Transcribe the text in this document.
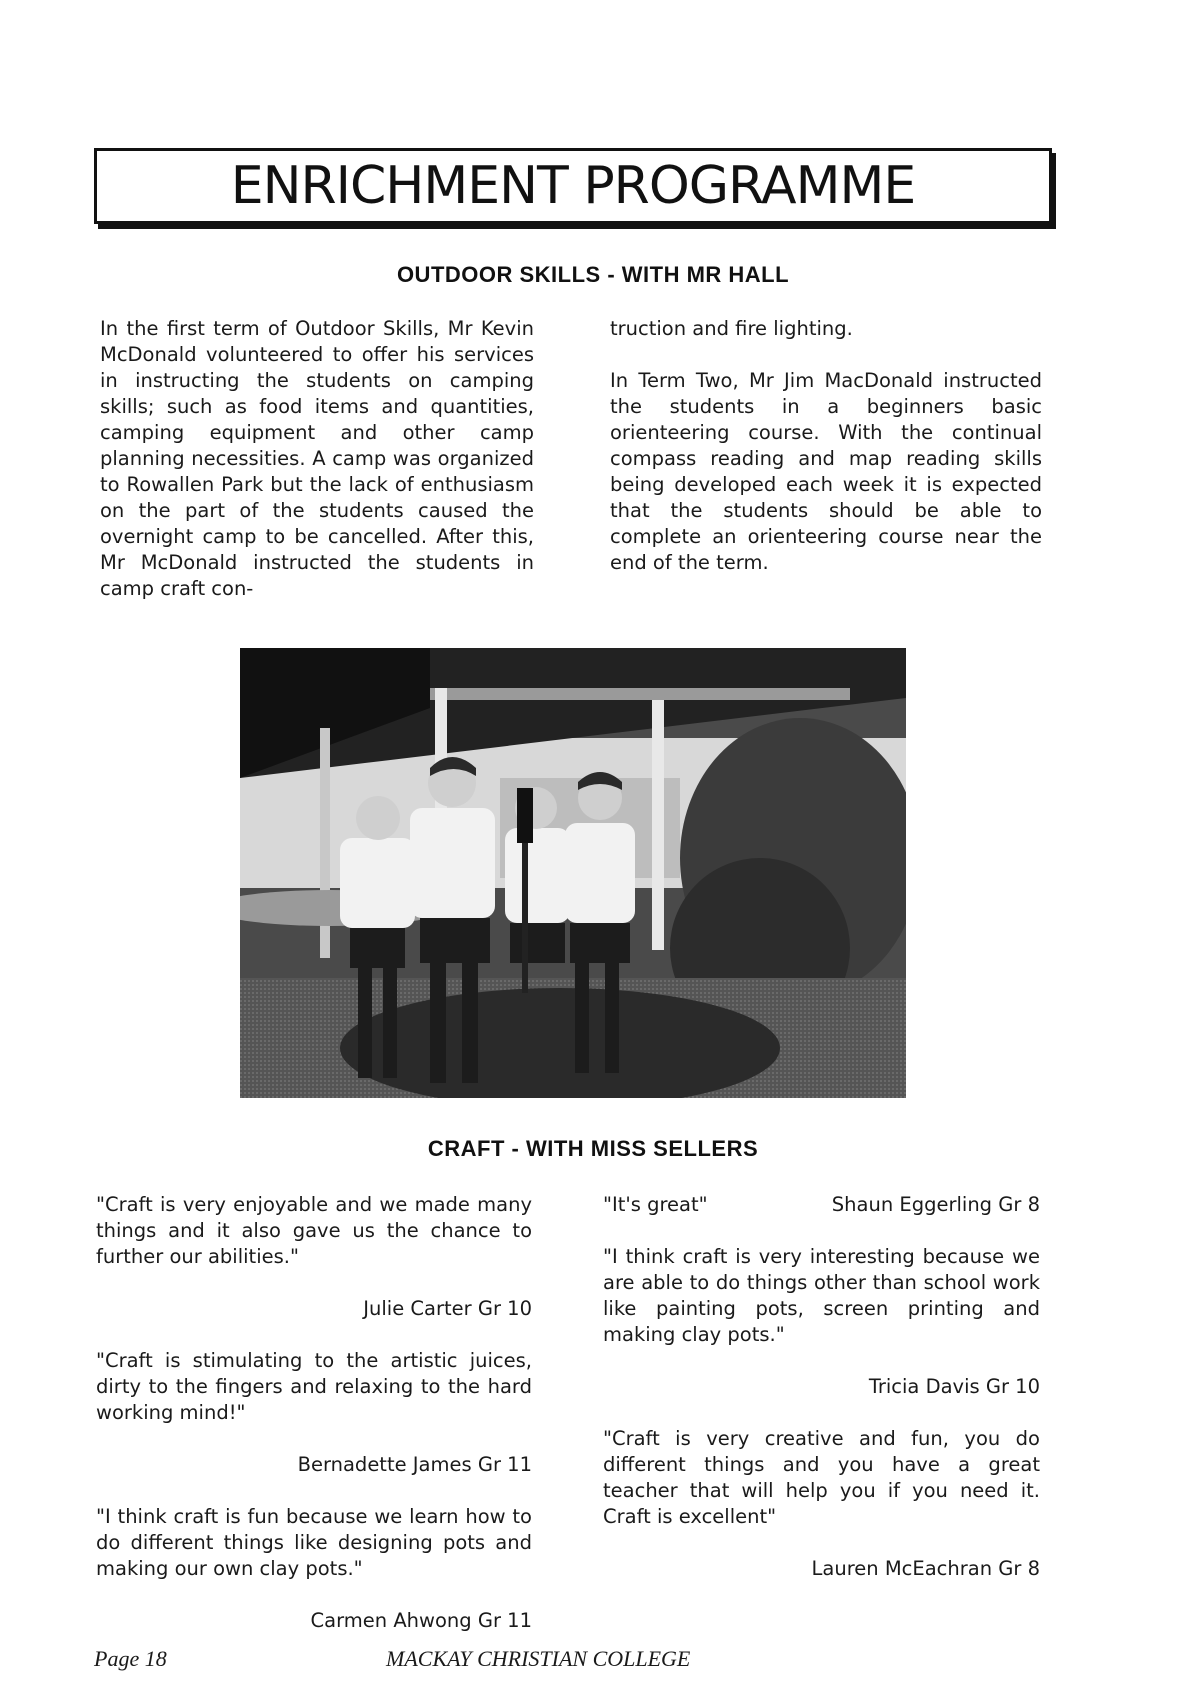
ENRICHMENT PROGRAMME
OUTDOOR SKILLS - WITH MR HALL

In the first term of Outdoor Skills, Mr Kevin McDonald volunteered to offer his services in instructing the students on camping skills; such as food items and quantities, camping equipment and other camp planning necessities. A camp was organized to Rowallen Park but the lack of enthusiasm on the part of the students caused the overnight camp to be cancelled. After this, Mr McDonald instructed the students in camp craft con-

truction and fire lighting.

In Term Two, Mr Jim MacDonald instructed the students in a beginners basic orienteering course. With the continual compass reading and map reading skills being developed each week it is expected that the students should be able to complete an orienteering course near the end of the term.

CRAFT - WITH MISS SELLERS

"Craft is very enjoyable and we made many things and it also gave us the chance to further our abilities."

Julie Carter Gr 10

"Craft is stimulating to the artistic juices, dirty to the fingers and relaxing to the hard working mind!"

Bernadette James Gr 11

"I think craft is fun because we learn how to do different things like designing pots and making our own clay pots."

Carmen Ahwong Gr 11

"It's great"	Shaun Eggerling Gr 8

"I think craft is very interesting because we are able to do things other than school work like painting pots, screen printing and making clay pots."

Tricia Davis Gr 10

"Craft is very creative and fun, you do different things and you have a great teacher that will help you if you need it. Craft is excellent"

Lauren McEachran Gr 8

Page 18	MACKAY CHRISTIAN COLLEGE
